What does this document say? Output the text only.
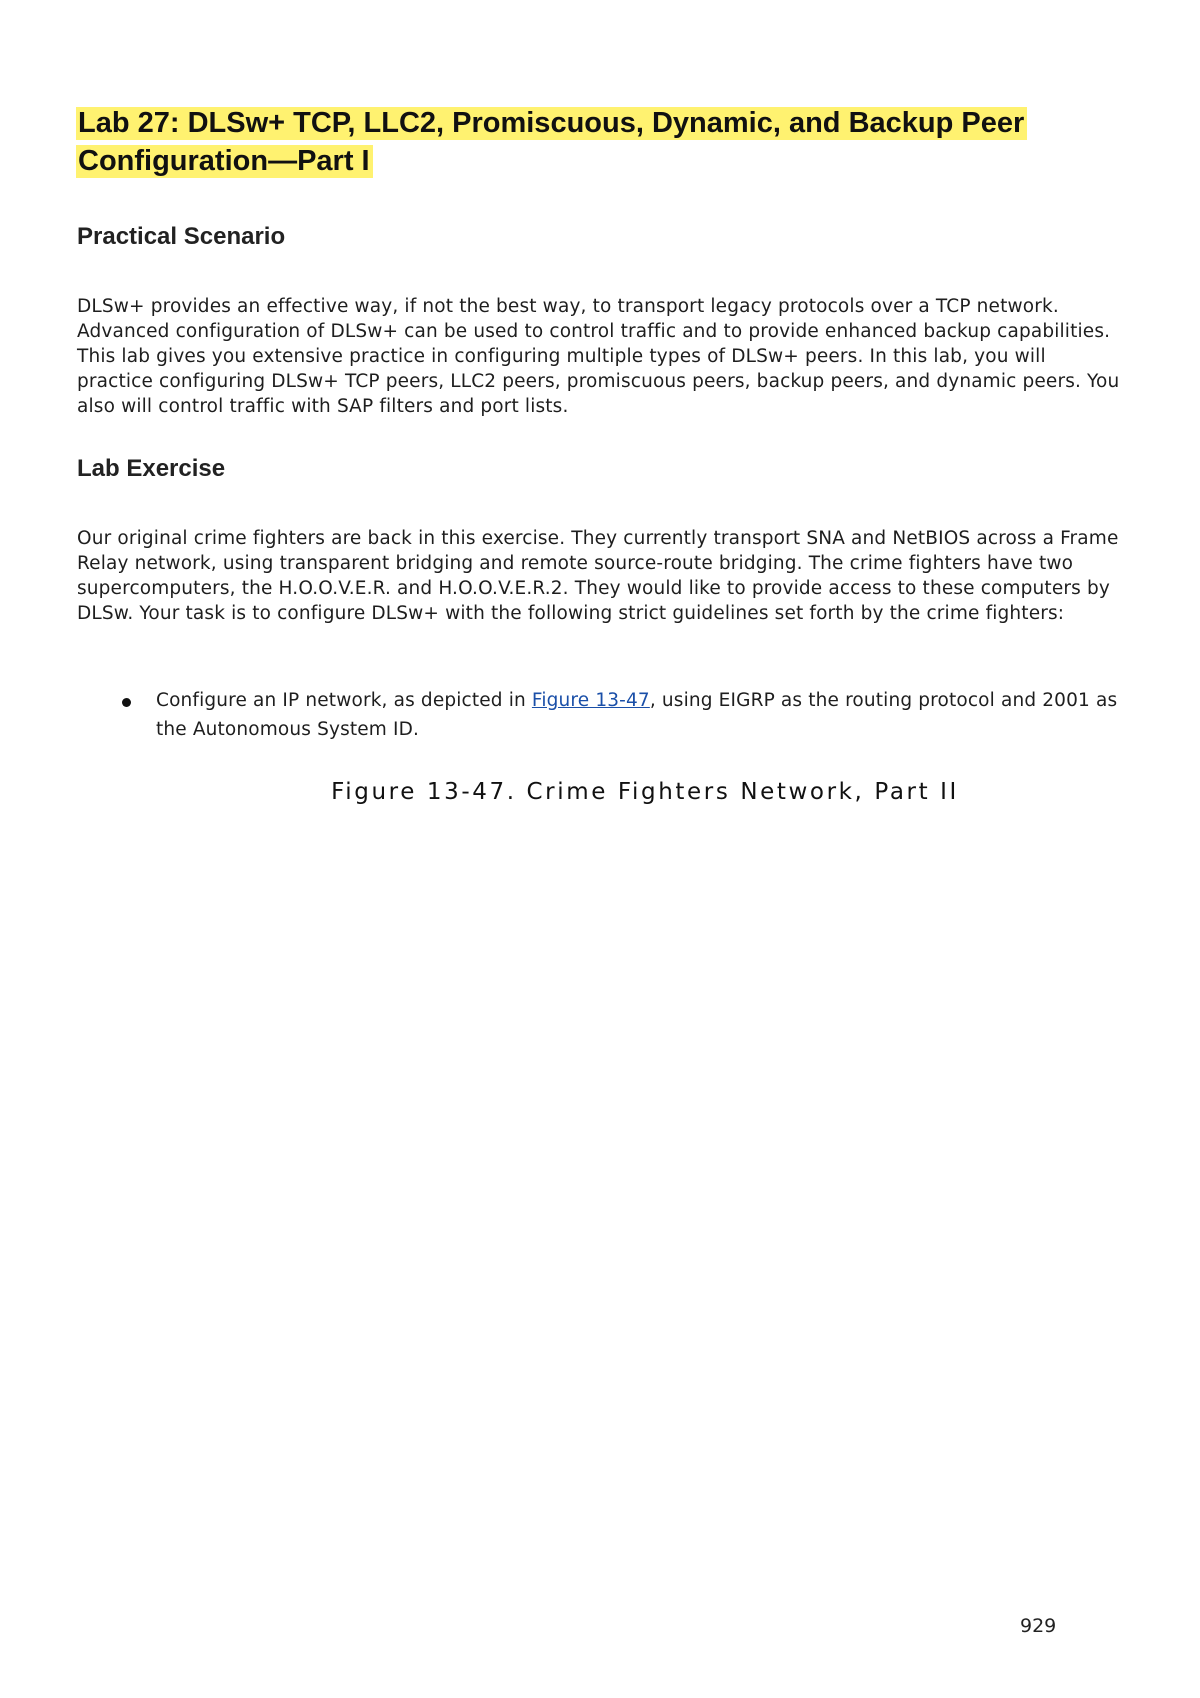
Lab 27: DLSw+ TCP, LLC2, Promiscuous, Dynamic, and Backup Peer Configuration—Part I
Practical Scenario

DLSw+ provides an effective way, if not the best way, to transport legacy protocols over a TCP network. Advanced configuration of DLSw+ can be used to control traffic and to provide enhanced backup capabilities. This lab gives you extensive practice in configuring multiple types of DLSw+ peers. In this lab, you will practice configuring DLSw+ TCP peers, LLC2 peers, promiscuous peers, backup peers, and dynamic peers. You also will control traffic with SAP filters and port lists.

Lab Exercise

Our original crime fighters are back in this exercise. They currently transport SNA and NetBIOS across a Frame Relay network, using transparent bridging and remote source-route bridging. The crime fighters have two supercomputers, the H.O.O.V.E.R. and H.O.O.V.E.R.2. They would like to provide access to these computers by DLSw. Your task is to configure DLSw+ with the following strict guidelines set forth by the crime fighters:

Configure an IP network, as depicted in Figure 13-47, using EIGRP as the routing protocol and 2001 as the Autonomous System ID.

Figure 13-47. Crime Fighters Network, Part II

929
